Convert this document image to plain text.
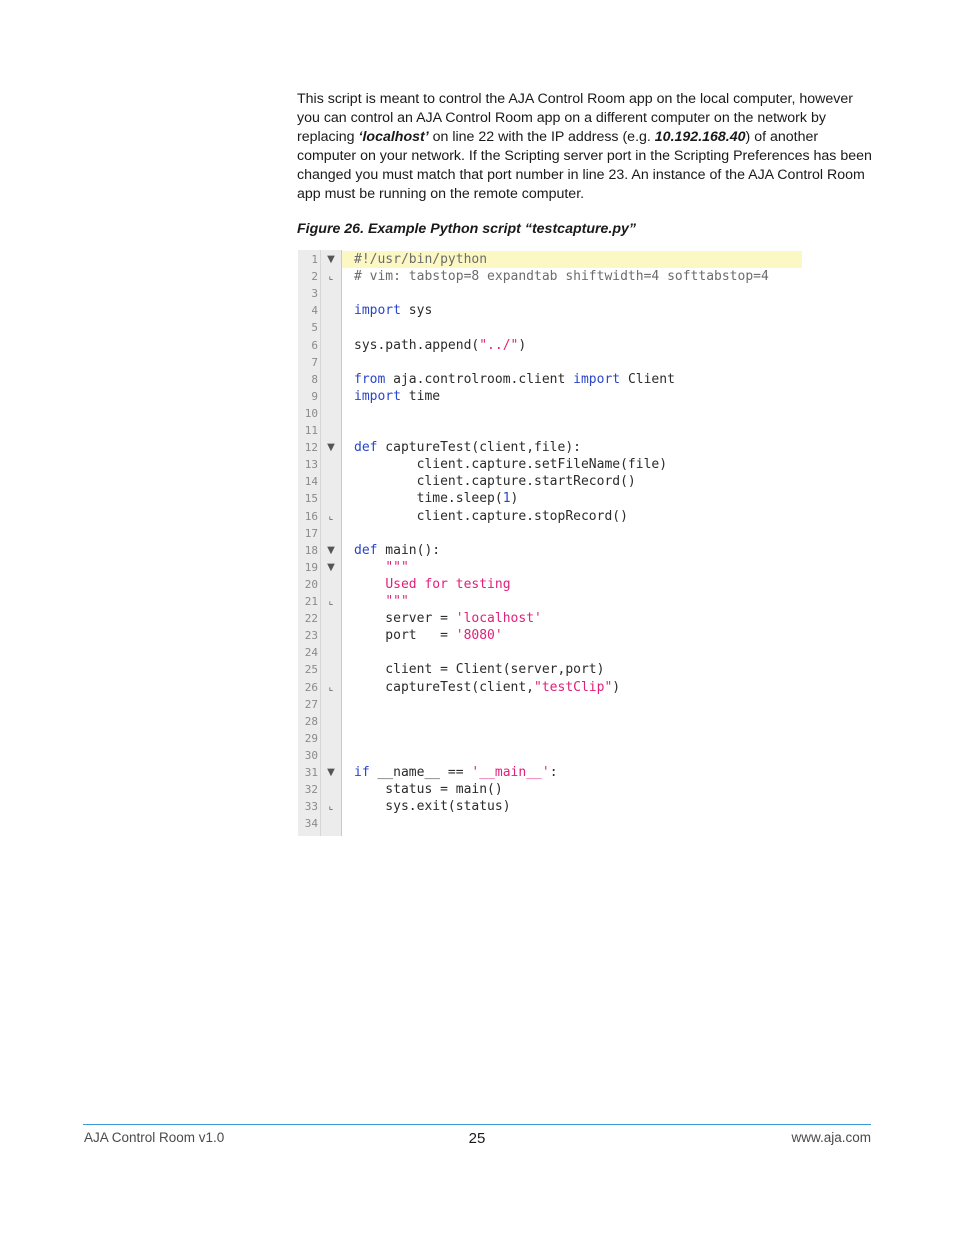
This script is meant to control the AJA Control Room app on the local computer, however you can control an AJA Control Room app on a different computer on the network by replacing ‘localhost’ on line 22 with the IP address (e.g. 10.192.168.40) of another computer on your network. If the Scripting server port in the Scripting Preferences has been changed you must match that port number in line 23. An instance of the AJA Control Room app must be running on the remote computer.

Figure 26. Example Python script “testcapture.py”
1 ▼ #!/usr/bin/python
2	⌞	# vim: tabstop=8 expandtab shiftwidth=4 softtabstop=4
3
4	import sys
5
6	sys.path.append("../")
7
8	from aja.controlroom.client import Client
9	import time
10
11
12 ▼ def captureTest(client,file):
13	client.capture.setFileName(file)
14	client.capture.startRecord()
15	time.sleep(1)
16	⌞	client.capture.stopRecord()
17
18 ▼ def main():
19 ▼	"""
20	Used for testing
21	⌞	"""
22	server = 'localhost'
23	port   = '8080'
24
25	client = Client(server,port)
26	⌞	captureTest(client,"testClip")
27
28
29
30
31 ▼ if __name__ == '__main__':
32	status = main()
33	⌞	sys.exit(status)
34
AJA Control Room v1.0	25	www.aja.com
